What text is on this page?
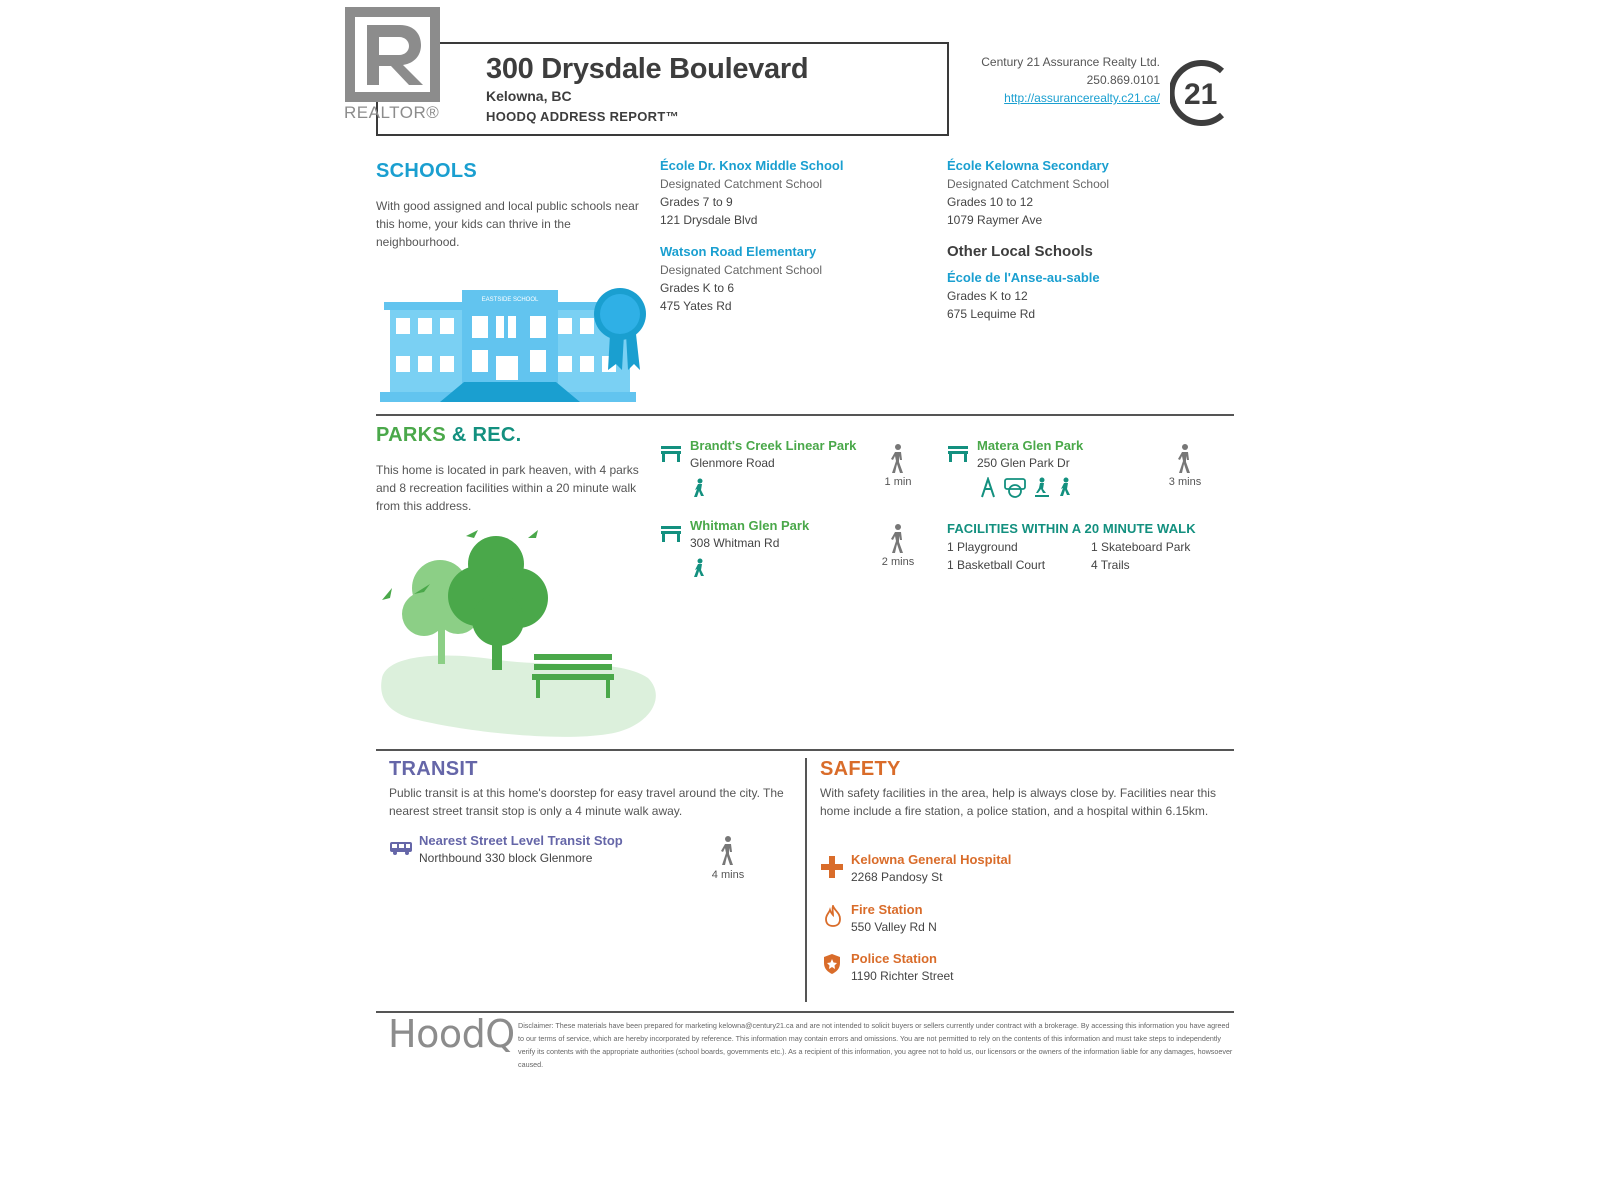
REALTOR®
300 Drysdale Boulevard
Kelowna, BC
HOODQ ADDRESS REPORT™
Century 21 Assurance Realty Ltd.
250.869.0101
http://assurancerealty.c21.ca/ 21
SCHOOLS
With good assigned and local public schools near this home, your kids can thrive in the neighbourhood.
EASTSIDE SCHOOL
École Dr. Knox Middle School
Designated Catchment School
Grades 7 to 9
121 Drysdale Blvd
Watson Road Elementary
Designated Catchment School
Grades K to 6
475 Yates Rd
École Kelowna Secondary
Designated Catchment School
Grades 10 to 12
1079 Raymer Ave
Other Local Schools
École de l'Anse-au-sable
Grades K to 12
675 Lequime Rd
PARKS & REC.
This home is located in park heaven, with 4 parks and 8 recreation facilities within a 20 minute walk from this address.
Brandt's Creek Linear Park
Glenmore Road
1 min
Whitman Glen Park
308 Whitman Rd
2 mins
Matera Glen Park
250 Glen Park Dr
3 mins
FACILITIES WITHIN A 20 MINUTE WALK
1 Playground	1 Skateboard Park
1 Basketball Court	4 Trails
TRANSIT
Public transit is at this home's doorstep for easy travel around the city. The nearest street transit stop is only a 4 minute walk away.
Nearest Street Level Transit Stop
Northbound 330 block Glenmore
4 mins
SAFETY
With safety facilities in the area, help is always close by. Facilities near this home include a fire station, a police station, and a hospital within 6.15km.
Kelowna General Hospital
2268 Pandosy St
Fire Station
550 Valley Rd N
Police Station
1190 Richter Street
HoodQ Disclaimer: These materials have been prepared for marketing kelowna@century21.ca and are not intended to solicit buyers or sellers currently under contract with a brokerage. By accessing this information you have agreed to our terms of service, which are hereby incorporated by reference. This information may contain errors and omissions. You are not permitted to rely on the contents of this information and must take steps to independently verify its contents with the appropriate authorities (school boards, governments etc.). As a recipient of this information, you agree not to hold us, our licensors or the owners of the information liable for any damages, howsoever caused.
